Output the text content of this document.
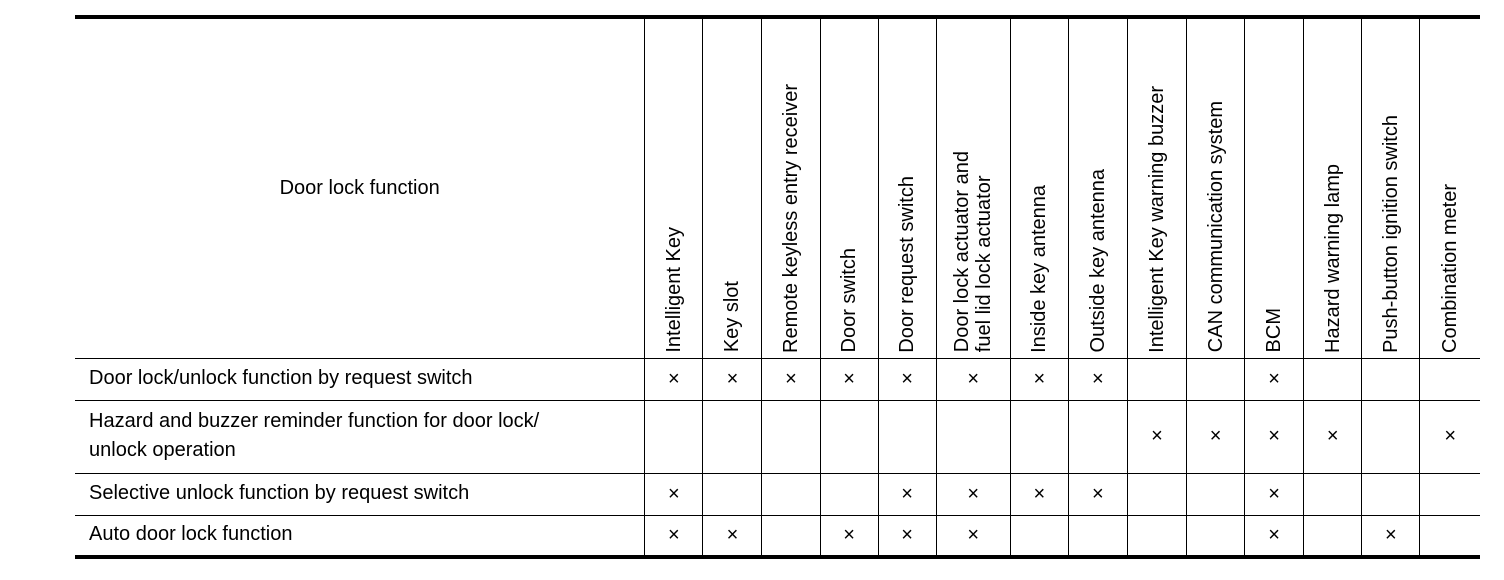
Door lock function	Intelligent Key	Key slot	Remote keyless entry receiver	Door switch	Door request switch	Door lock actuator and
fuel lid lock actuator	Inside key antenna	Outside key antenna	Intelligent Key warning buzzer	CAN communication system	BCM	Hazard warning lamp	Push-button ignition switch	Combination meter
Door lock/unlock function by request switch	×	×	×	×	×	×	×	×			×			
Hazard and buzzer reminder function for door lock/
unlock operation									×	×	×	×		×
Selective unlock function by request switch	×				×	×	×	×			×			
Auto door lock function	×	×		×	×	×					×		×	
